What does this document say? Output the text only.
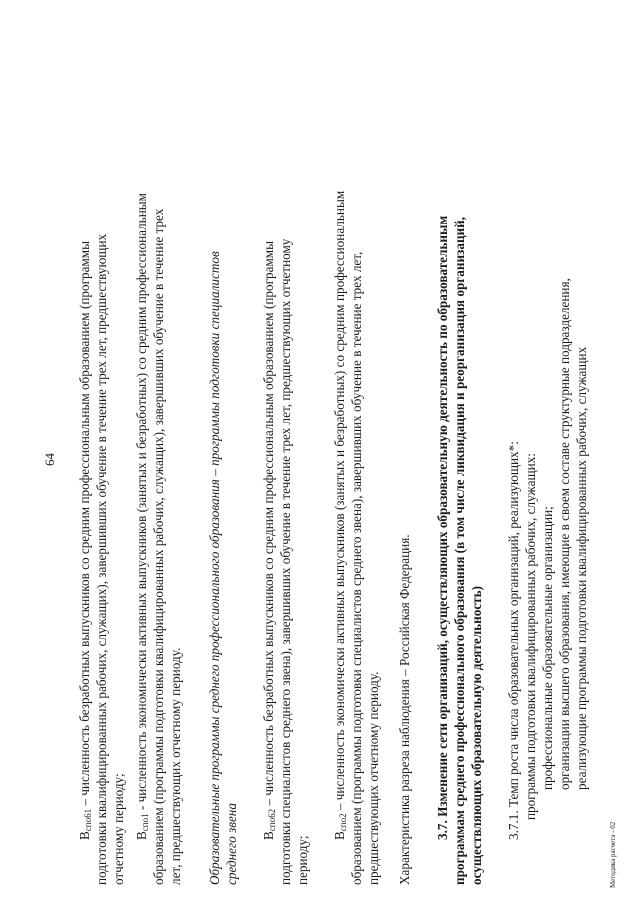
64
$В_{спо61}$ – численность безработных выпускников со средним профессиональным образованием (программы подготовки квалифицированных рабочих, служащих), завершивших обучение в течение трех лет, предшествующих отчетному периоду; $В_{спо1}$ - численность экономически активных выпускников (занятых и безработных) со средним профессиональным образованием (программы подготовки квалифицированных рабочих, служащих), завершивших обучение в течение трех лет, предшествующих отчетному периоду. Образовательные программы среднего профессионального образования – программы подготовки специалистов среднего звена $В_{спо62}$ – численность безработных выпускников со средним профессиональным образованием (программы подготовки специалистов среднего звена), завершивших обучение в течение трех лет, предшествующих отчетному периоду; $В_{спо2}$ – численность экономически активных выпускников (занятых и безработных) со средним профессиональным образованием (программы подготовки специалистов среднего звена), завершивших обучение в течение трех лет, предшествующих отчетному периоду. Характеристика разреза наблюдения – Российская Федерация. 3.7. Изменение сети организаций, осуществляющих образовательную деятельность по образовательным программам среднего профессионального образования (в том числе ликвидация и реорганизация организаций, осуществляющих образовательную деятельность) 3.7.1. Темп роста числа образовательных организаций, реализующих*: программы подготовки квалифицированных рабочих, служащих: профессиональные образовательные организации; организации высшего образования, имеющие в своем составе структурные подразделения, реализующие программы подготовки квалифицированных рабочих, служащих
Методика расчета - 02
